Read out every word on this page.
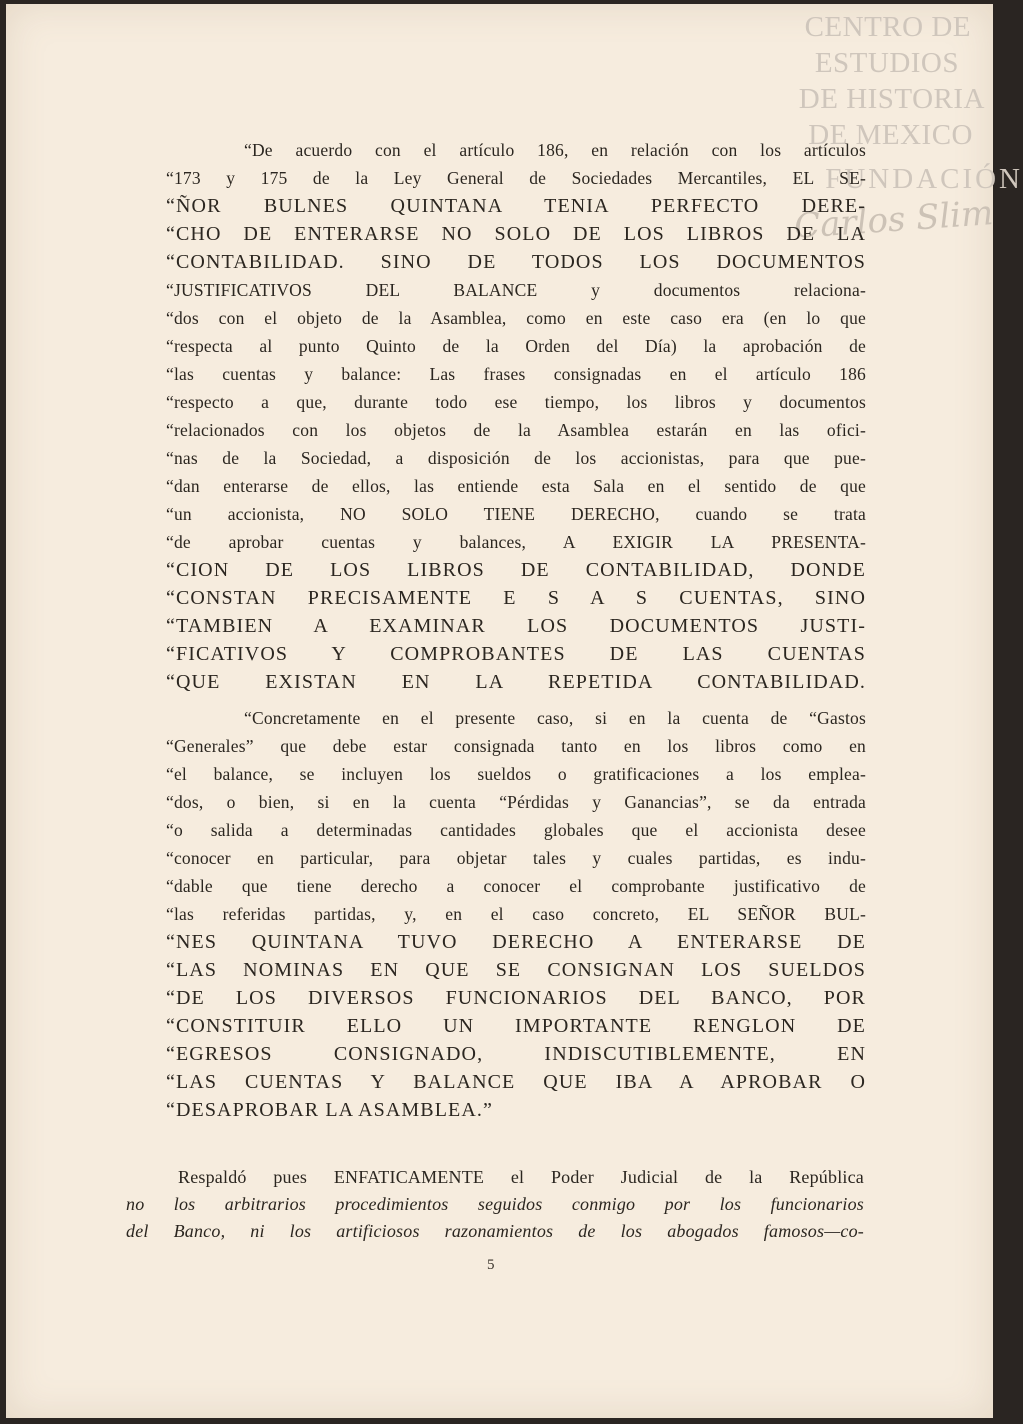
CENTRO DE
ESTUDIOS
DE HISTORIA
DE MEXICO
FUNDACIÓN
Carlos Slim
“De acuerdo con el artículo 186, en relación con los artículos
“173 y 175 de la Ley General de Sociedades Mercantiles, EL SE-
“ÑOR BULNES QUINTANA TENIA PERFECTO DERE-
“CHO DE ENTERARSE NO SOLO DE LOS LIBROS DE LA
“CONTABILIDAD. SINO DE TODOS LOS DOCUMENTOS
“JUSTIFICATIVOS DEL BALANCE y documentos relaciona-
“dos con el objeto de la Asamblea, como en este caso era (en lo que
“respecta al punto Quinto de la Orden del Día) la aprobación de
“las cuentas y balance: Las frases consignadas en el artículo 186
“respecto a que, durante todo ese tiempo, los libros y documentos
“relacionados con los objetos de la Asamblea estarán en las ofici-
“nas de la Sociedad, a disposición de los accionistas, para que pue-
“dan enterarse de ellos, las entiende esta Sala en el sentido de que
“un accionista, NO SOLO TIENE DERECHO, cuando se trata
“de aprobar cuentas y balances, A EXIGIR LA PRESENTA-
“CION DE LOS LIBROS DE CONTABILIDAD, DONDE
“CONSTAN PRECISAMENTE E S A S CUENTAS, SINO
“TAMBIEN A EXAMINAR LOS DOCUMENTOS JUSTI-
“FICATIVOS Y COMPROBANTES DE LAS CUENTAS
“QUE EXISTAN EN LA REPETIDA CONTABILIDAD.
“Concretamente en el presente caso, si en la cuenta de “Gastos
“Generales” que debe estar consignada tanto en los libros como en
“el balance, se incluyen los sueldos o gratificaciones a los emplea-
“dos, o bien, si en la cuenta “Pérdidas y Ganancias”, se da entrada
“o salida a determinadas cantidades globales que el accionista desee
“conocer en particular, para objetar tales y cuales partidas, es indu-
“dable que tiene derecho a conocer el comprobante justificativo de
“las referidas partidas, y, en el caso concreto, EL SEÑOR BUL-
“NES QUINTANA TUVO DERECHO A ENTERARSE DE
“LAS NOMINAS EN QUE SE CONSIGNAN LOS SUELDOS
“DE LOS DIVERSOS FUNCIONARIOS DEL BANCO, POR
“CONSTITUIR ELLO UN IMPORTANTE RENGLON DE
“EGRESOS CONSIGNADO, INDISCUTIBLEMENTE, EN
“LAS CUENTAS Y BALANCE QUE IBA A APROBAR O
“DESAPROBAR LA ASAMBLEA.”
Respaldó pues ENFATICAMENTE el Poder Judicial de la República
no los arbitrarios procedimientos seguidos conmigo por los funcionarios
del Banco, ni los artificiosos razonamientos de los abogados famosos—co-
5
